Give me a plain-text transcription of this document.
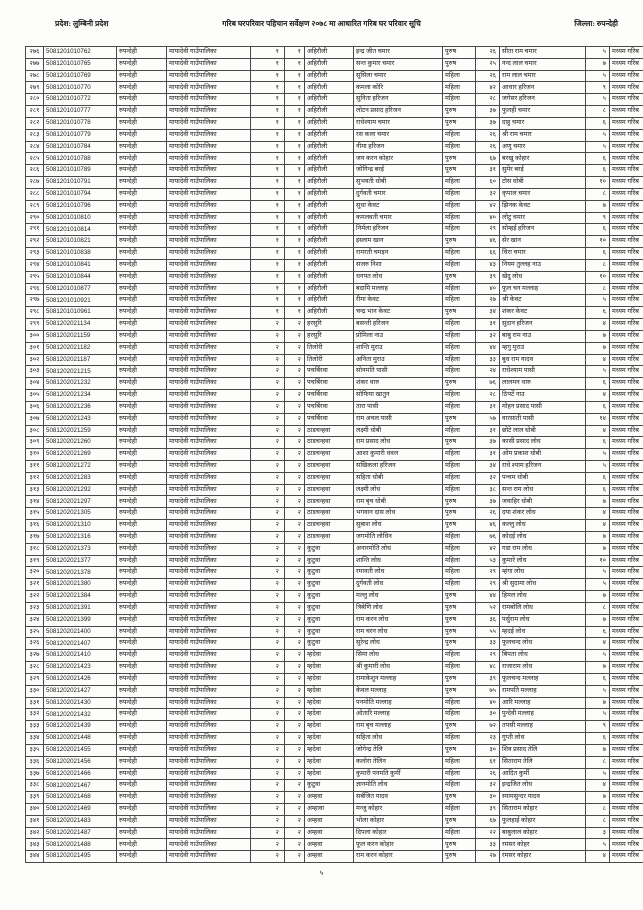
प्रदेश: लुम्बिनी प्रदेश	गरिब घरपरिवार पहिचान सर्वेक्षण २०७८ मा आधारित गरिब घर परिवार सूचि	जिल्ला: रुपन्देही
२७६	5081201010762	रुपन्देही	मायादेवी गाउँपालिका	१	१	अहिरौली	इन्द्र जीत चमार	पुरुष	२६	सीता राम चमार	५	मध्यम गरिब
२७७	5081201010765	रुपन्देही	मायादेवी गाउँपालिका	१	१	अहिरौली	सन्त कुमार चमार	पुरुष	२५	नन्द लाल चमार	७	मध्यम गरिब
२७८	5081201010769	रुपन्देही	मायादेवी गाउँपालिका	१	१	अहिरौली	सुसिला चमार	महिला	२६	राम लाल चमार	५	मध्यम गरिब
२७९	5081201010770	रुपन्देही	मायादेवी गाउँपालिका	१	१	अहिरौली	कमला कोरि	महिला	४२	आधार हरिजन	९	मध्यम गरिब
२८०	5081201010772	रुपन्देही	मायादेवी गाउँपालिका	१	१	अहिरौली	सुनिता हरिजन	महिला	२८	जगेसर हरिजन	५	मध्यम गरिब
२८१	5081201010777	रुपन्देही	मायादेवी गाउँपालिका	१	१	अहिरौली	लोटन प्रसाद हरिजन	पुरुष	३७	फुलही चमार	८	मध्यम गरिब
२८२	5081201010778	रुपन्देही	मायादेवी गाउँपालिका	१	१	अहिरौली	राधेश्याम चमार	पुरुष	३७	दाहु चमार	६	मध्यम गरिब
२८३	5081201010779	रुपन्देही	मायादेवी गाउँपालिका	१	१	अहिरौली	रस कला चमार	महिला	२६	श्री राम चमार	५	मध्यम गरिब
२८४	5081201010784	रुपन्देही	मायादेवी गाउँपालिका	१	१	अहिरौली	नीमा हरिजन	महिला	२६	अणु चमार	५	मध्यम गरिब
२८५	5081201010788	रुपन्देही	मायादेवी गाउँपालिका	१	१	अहिरौली	जय करन कोहार	पुरुष	६७	बरखु कोहार	६	मध्यम गरिब
२८६	5081201010789	रुपन्देही	मायादेवी गाउँपालिका	१	१	अहिरौली	जोगिन्द्र बरई	पुरुष	३१	सुमेर बरई	६	मध्यम गरिब
२८७	5081201010791	रुपन्देही	मायादेवी गाउँपालिका	१	१	अहिरौली	सुभवती धोबी	महिला	६०	टोस धोबी	१०	मध्यम गरिब
२८८	5081201010794	रुपन्देही	मायादेवी गाउँपालिका	१	१	अहिरौली	दुर्गवती चमार	महिला	३२	कृपाल चमार	८	मध्यम गरिब
२८९	5081201010796	रुपन्देही	मायादेवी गाउँपालिका	१	१	अहिरौली	सुधा केवट	महिला	४२	झिनक केवट	७	मध्यम गरिब
२९०	5081201010810	रुपन्देही	मायादेवी गाउँपालिका	१	१	अहिरौली	कमलवती चमार	महिला	४०	लोटु चमार	९	मध्यम गरिब
२९१	5081201010814	रुपन्देही	मायादेवी गाउँपालिका	१	१	अहिरौली	निर्मला हरिजन	महिला	२९	सोम्हई हरिजन	६	मध्यम गरिब
२९२	5081201010821	रुपन्देही	मायादेवी गाउँपालिका	१	१	अहिरौली	इस्लाम खान	पुरुष	४६	सेर खान	१०	मध्यम गरिब
२९३	5081201010838	रुपन्देही	मायादेवी गाउँपालिका	१	१	अहिरौली	रामरती चमइन	महिला	६६	धिरा चमार	६	मध्यम गरिब
२९४	5081201010841	रुपन्देही	मायादेवी गाउँपालिका	१	१	अहिरौली	सजरु निशा	महिला	४३	नियम तुल्लह नाउ	८	मध्यम गरिब
२९५	5081201010844	रुपन्देही	मायादेवी गाउँपालिका	१	१	अहिरौली	धनपत लोध	पुरुष	३९	खेदु लोध	१०	मध्यम गरिब
२९६	5081201010877	रुपन्देही	मायादेवी गाउँपालिका	१	१	अहिरौली	बदामि मल्लाह	महिला	४०	फूल चन मल्लाह	८	मध्यम गरिब
२९७	5081201010921	रुपन्देही	मायादेवी गाउँपालिका	१	१	अहिरौली	रीमा केवट	महिला	२७	श्री केवट	५	मध्यम गरिब
२९८	5081201010961	रुपन्देही	मायादेवी गाउँपालिका	१	१	अहिरौली	चन्द्र भान केवट	पुरुष	३४	शंकर केवट	६	मध्यम गरिब
२९९	5081202021134	रुपन्देही	मायादेवी गाउँपालिका	२	२	हरसुरि	बसन्ती हरिजन	महिला	३१	सुदान हरिजन	४	मध्यम गरिब
३००	5081202021159	रुपन्देही	मायादेवी गाउँपालिका	२	२	हरसुरि	प्रोमिला नाउ	महिला	३२	बाबु राम नाउ	७	मध्यम गरिब
३०१	5081202021182	रुपन्देही	मायादेवी गाउँपालिका	२	२	तिलोरी	शान्ति मुराउ	महिला	४४	म्हगु मुराउ	७	मध्यम गरिब
३०२	5081202021187	रुपन्देही	मायादेवी गाउँपालिका	२	२	तिलोरी	अनिता मुराउ	महिला	३३	बुध राम यादव	४	मध्यम गरिब
३०३	5081202021215	रुपन्देही	मायादेवी गाउँपालिका	२	२	पचर्बिरवा	सोनमति पासी	महिला	२४	राधेश्याम पासी	५	मध्यम गरिब
३०४	5081202021232	रुपन्देही	मायादेवी गाउँपालिका	२	२	पचर्बिरवा	शंकर थारु	पुरुष	७६	लालमन थारु	६	मध्यम गरिब
३०५	5081202021234	रुपन्देही	मायादेवी गाउँपालिका	२	२	पचर्बिरवा	सोफिया खातुन	महिला	२८	ठिपर्टे नाउ	४	मध्यम गरिब
३०६	5081202021236	रुपन्देही	मायादेवी गाउँपालिका	२	२	पचर्बिरवा	तारा पासी	महिला	३१	मोहन प्रसाद पासी	६	मध्यम गरिब
३०७	5081202021243	रुपन्देही	मायादेवी गाउँपालिका	२	२	पचर्बिरवा	राम अचल पासी	पुरुष	५७	वारसाती पासी	१४	मध्यम गरिब
३०८	5081202021259	रुपन्देही	मायादेवी गाउँपालिका	२	२	ठाडचन्हवा	लक्ष्मी धोबी	महिला	३१	छोटे लाल धोबी	४	मध्यम गरिब
३०९	5081202021260	रुपन्देही	मायादेवी गाउँपालिका	२	२	ठाडचन्हवा	राम प्रसाद लोध	पुरुष	३७	कासी प्रसाद लोध	६	मध्यम गरिब
३१०	5081202021269	रुपन्देही	मायादेवी गाउँपालिका	२	२	ठाडचन्हवा	आशा कुमारी धवल	महिला	३१	ओम प्रकाश धोबी	५	मध्यम गरिब
३११	5081202021272	रुपन्देही	मायादेवी गाउँपालिका	२	२	ठाडचन्हवा	सखिकला हरिजन	महिला	३४	राधे श्याम हरिजन	५	मध्यम गरिब
३१२	5081202021283	रुपन्देही	मायादेवी गाउँपालिका	२	२	ठाडचन्हवा	सहिता धोबी	महिला	३२	पन्चम धोबी	६	मध्यम गरिब
३१३	5081202021292	रुपन्देही	मायादेवी गाउँपालिका	२	२	ठाडचन्हवा	लक्ष्मी लोध	महिला	३८	सन्त राम लोध	६	मध्यम गरिब
३१४	5081202021297	रुपन्देही	मायादेवी गाउँपालिका	२	२	ठाडचन्हवा	राम बृच धोबी	पुरुष	३७	जवाहिर धोबी	७	मध्यम गरिब
३१५	5081202021305	रुपन्देही	मायादेवी गाउँपालिका	२	२	ठाडचन्हवा	भगवान दास लोध	पुरुष	२६	दया शंकर लोध	४	मध्यम गरिब
३१६	5081202021310	रुपन्देही	मायादेवी गाउँपालिका	२	२	ठाडचन्हवा	सुबाश लोध	पुरुष	४६	कल्लु लोध	४	मध्यम गरिब
३१७	5081202021316	रुपन्देही	मायादेवी गाउँपालिका	२	२	ठाडचन्हवा	जगमोति लोधिन	महिला	७६	कोदई लोध	७	मध्यम गरिब
३१८	5081202021373	रुपन्देही	मायादेवी गाउँपालिका	२	२	कुटुवा	अनारमोति लोध	महिला	४२	गडा राम लोध	७	मध्यम गरिब
३१९	5081202021377	रुपन्देही	मायादेवी गाउँपालिका	२	२	कुटुवा	शान्ति लोध	महिला	५३	कुमारे लोध	१०	मध्यम गरिब
३२०	5081202021378	रुपन्देही	मायादेवी गाउँपालिका	२	२	कुटुवा	रमावती लोध	महिला	२९	म्हंगा लोध	५	मध्यम गरिब
३२१	5081202021380	रुपन्देही	मायादेवी गाउँपालिका	२	२	कुटुवा	दुर्गवती लोध	महिला	२९	श्री सुदामा लोध	५	मध्यम गरिब
३२२	5081202021384	रुपन्देही	मायादेवी गाउँपालिका	२	२	कुटुवा	मल्लु लोध	पुरुष	४४	हिमल लोध	७	मध्यम गरिब
३२३	5081202021391	रुपन्देही	मायादेवी गाउँपालिका	२	२	कुटुवा	त्रिबेणि लोध	पुरुष	५२	रामबोलि लोध	८	मध्यम गरिब
३२४	5081202021399	रुपन्देही	मायादेवी गाउँपालिका	२	२	कुटुवा	राम करन लोध	पुरुष	३६	पर्सुराम लोध	७	मध्यम गरिब
३२५	5081202021400	रुपन्देही	मायादेवी गाउँपालिका	२	२	कुटुवा	राम चरन लोध	पुरुष	५५	म्हदई लोध	६	मध्यम गरिब
३२६	5081202021407	रुपन्देही	मायादेवी गाउँपालिका	२	२	कुटुवा	सुरेन्द्र लोध	पुरुष	३३	फूलचन्द लोध	४	मध्यम गरिब
३२७	5081202021410	रुपन्देही	मायादेवी गाउँपालिका	२	२	म्हदेवा	सिमा लोध	महिला	२९	बिपता लोध	५	मध्यम गरिब
३२८	5081202021423	रुपन्देही	मायादेवी गाउँपालिका	२	२	म्हदेवा	श्री कुमारी लोध	महिला	४८	राजाराम लोध	७	मध्यम गरिब
३२९	5081202021426	रुपन्देही	मायादेवी गाउँपालिका	२	२	म्हदेवा	रामाकेशुन मल्लाह	पुरुष	३९	फूलचन्द मल्लाह	६	मध्यम गरिब
३३०	5081202021427	रुपन्देही	मायादेवी गाउँपालिका	२	२	म्हदेवा	केवल मल्लाह	पुरुष	७५	रामपति मल्लाह	५	मध्यम गरिब
३३१	5081202021430	रुपन्देही	मायादेवी गाउँपालिका	२	२	म्हदेवा	पनमोति मल्लाह	महिला	४०	आरि मल्लाह	७	मध्यम गरिब
३३२	5081202021432	रुपन्देही	मायादेवी गाउँपालिका	२	२	म्हदेवा	ओतारि मल्लाह	महिला	३०	पुन्देवी मल्लाह	५	मध्यम गरिब
३३३	5081202021439	रुपन्देही	मायादेवी गाउँपालिका	२	२	म्हदेवा	राम बृच मल्लाह	पुरुष	७२	तपसी मल्लाह	९	मध्यम गरिब
३३४	5081202021448	रुपन्देही	मायादेवी गाउँपालिका	२	२	म्हदेवा	सहिता लोध	महिला	२३	गुप्ती लोध	६	मध्यम गरिब
३३५	5081202021455	रुपन्देही	मायादेवी गाउँपालिका	२	२	म्हदेवा	जोगेन्द्र तेलि	पुरुष	३०	शिव प्रसाद तेलि	७	मध्यम गरिब
३३६	5081202021456	रुपन्देही	मायादेवी गाउँपालिका	२	२	म्हदेवा	कलोरा तेलिन	महिला	६१	सिताराम तेलि	८	मध्यम गरिब
३३७	5081202021466	रुपन्देही	मायादेवी गाउँपालिका	२	२	म्हदेवा	कुमारी पनमति कुर्मी	महिला	२६	आदित कुर्मी	५	मध्यम गरिब
३३८	5081202021467	रुपन्देही	मायादेवी गाउँपालिका	२	२	कुटुवा	ज्ञानमोति लोध	महिला	३२	इन्द्रजित लोध	४	मध्यम गरिब
३३९	5081202021468	रुपन्देही	मायादेवी गाउँपालिका	२	२	अम्हवा	सर्बजित यादव	पुरुष	३०	स्यामसुन्दर यादव	७	मध्यम गरिब
३४०	5081202021469	रुपन्देही	मायादेवी गाउँपालिका	२	२	अम्हावा	मन्जु कोहार	महिला	३९	सिताराम कोहार	८	मध्यम गरिब
३४१	5081202021483	रुपन्देही	मायादेवी गाउँपालिका	२	२	अम्हवा	भोला कोहार	पुरुष	६७	फुलहाई कोहार	८	मध्यम गरिब
३४२	5081202021487	रुपन्देही	मायादेवी गाउँपालिका	२	२	अम्हवा	दिपला कोहार	महिला	२२	बाबुलाल कोहार	३	मध्यम गरिब
३४३	5081202021488	रुपन्देही	मायादेवी गाउँपालिका	२	२	अम्हवा	फूल करन कोहार	पुरुष	३३	रमसर कोहर	५	मध्यम गरिब
३४४	5081202021495	रुपन्देही	मायादेवी गाउँपालिका	२	२	अम्हवा	राम करन कोहार	पुरुष	२७	रमसर कोहार	४	मध्यम गरिब
५
